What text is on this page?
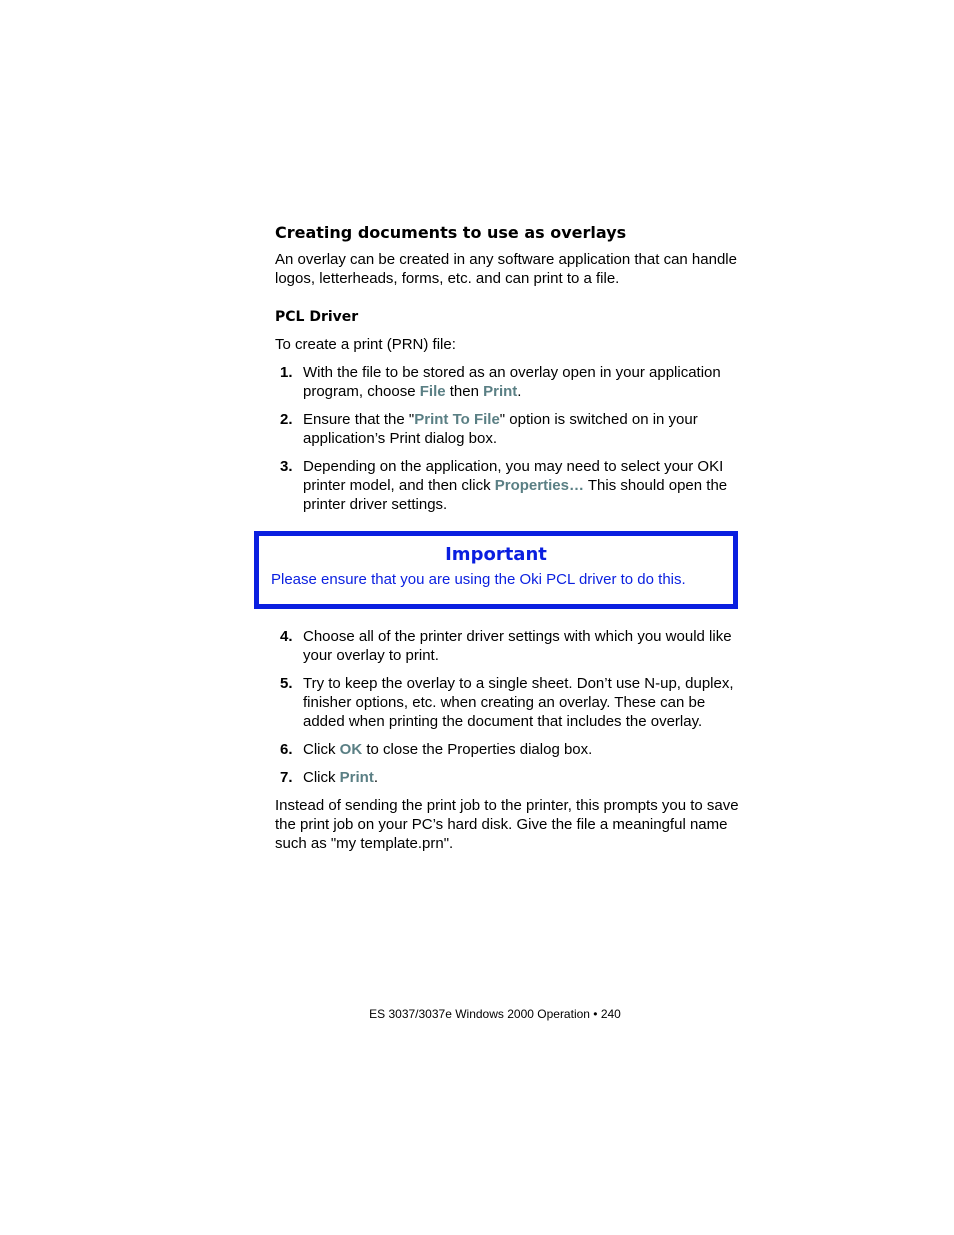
Creating documents to use as overlays

An overlay can be created in any software application that can handle logos, letterheads, forms, etc. and can print to a file.

PCL Driver

To create a print (PRN) file:

1. With the file to be stored as an overlay open in your application program, choose File then Print.
2. Ensure that the "Print To File" option is switched on in your application’s Print dialog box.
3. Depending on the application, you may need to select your OKI printer model, and then click Properties… This should open the printer driver settings.
Important
Please ensure that you are using the Oki PCL driver to do this.
4. Choose all of the printer driver settings with which you would like your overlay to print.
5. Try to keep the overlay to a single sheet. Don’t use N-up, duplex, finisher options, etc. when creating an overlay. These can be added when printing the document that includes the overlay.
6. Click OK to close the Properties dialog box.
7. Click Print.

Instead of sending the print job to the printer, this prompts you to save the print job on your PC’s hard disk. Give the file a meaningful name such as "my template.prn".

ES 3037/3037e Windows 2000 Operation • 240
